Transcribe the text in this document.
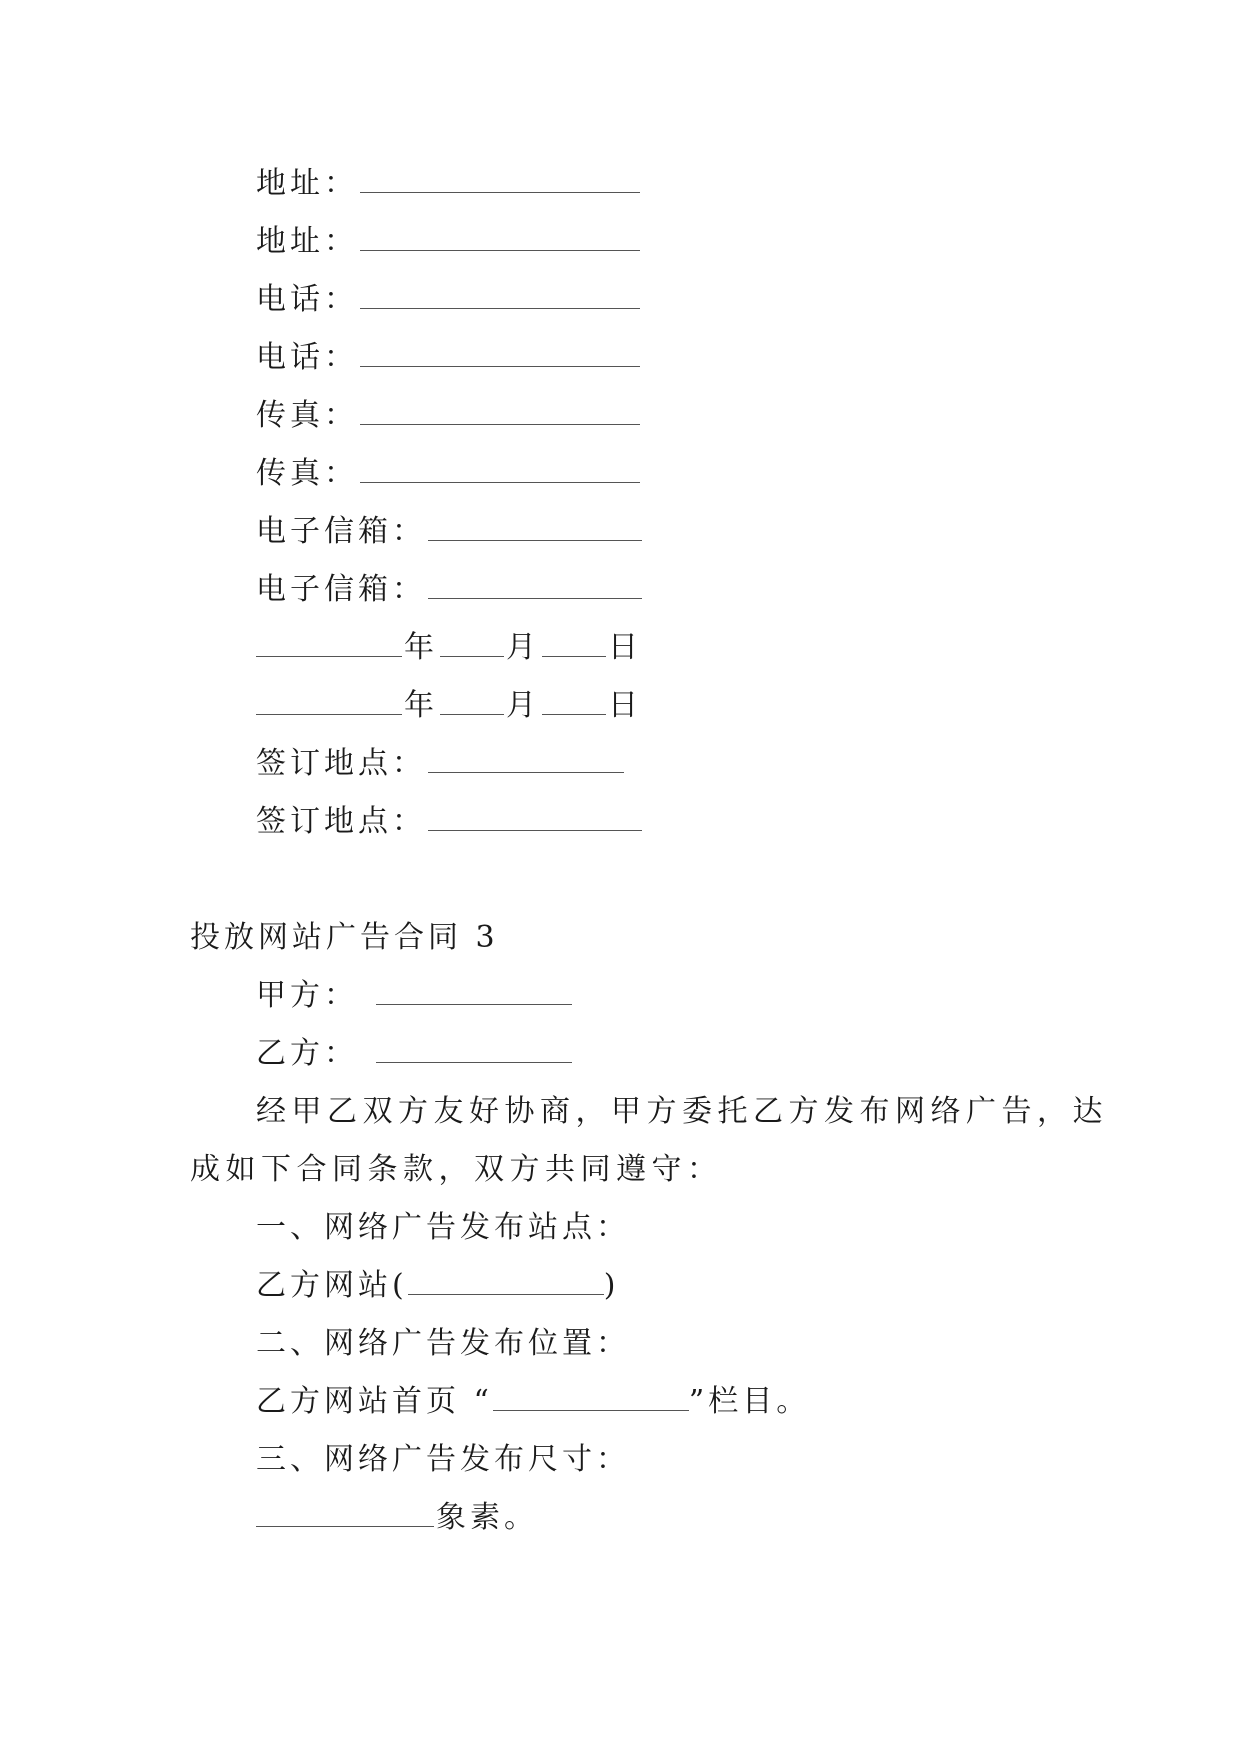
地址：
地址：
电话：
电话：
传真：
传真：
电子信箱：
电子信箱：
年 月 日
年 月 日
签订地点：
签订地点：
投放网站广告合同 3
甲方：
乙方：
经甲乙双方友好协商，甲方委托乙方发布网络广告，达
成如下合同条款，双方共同遵守：
一、网络广告发布站点：
乙方网站(	)
二、网络广告发布位置：
乙方网站首页 “	”栏目。
三、网络广告发布尺寸：
象素。
